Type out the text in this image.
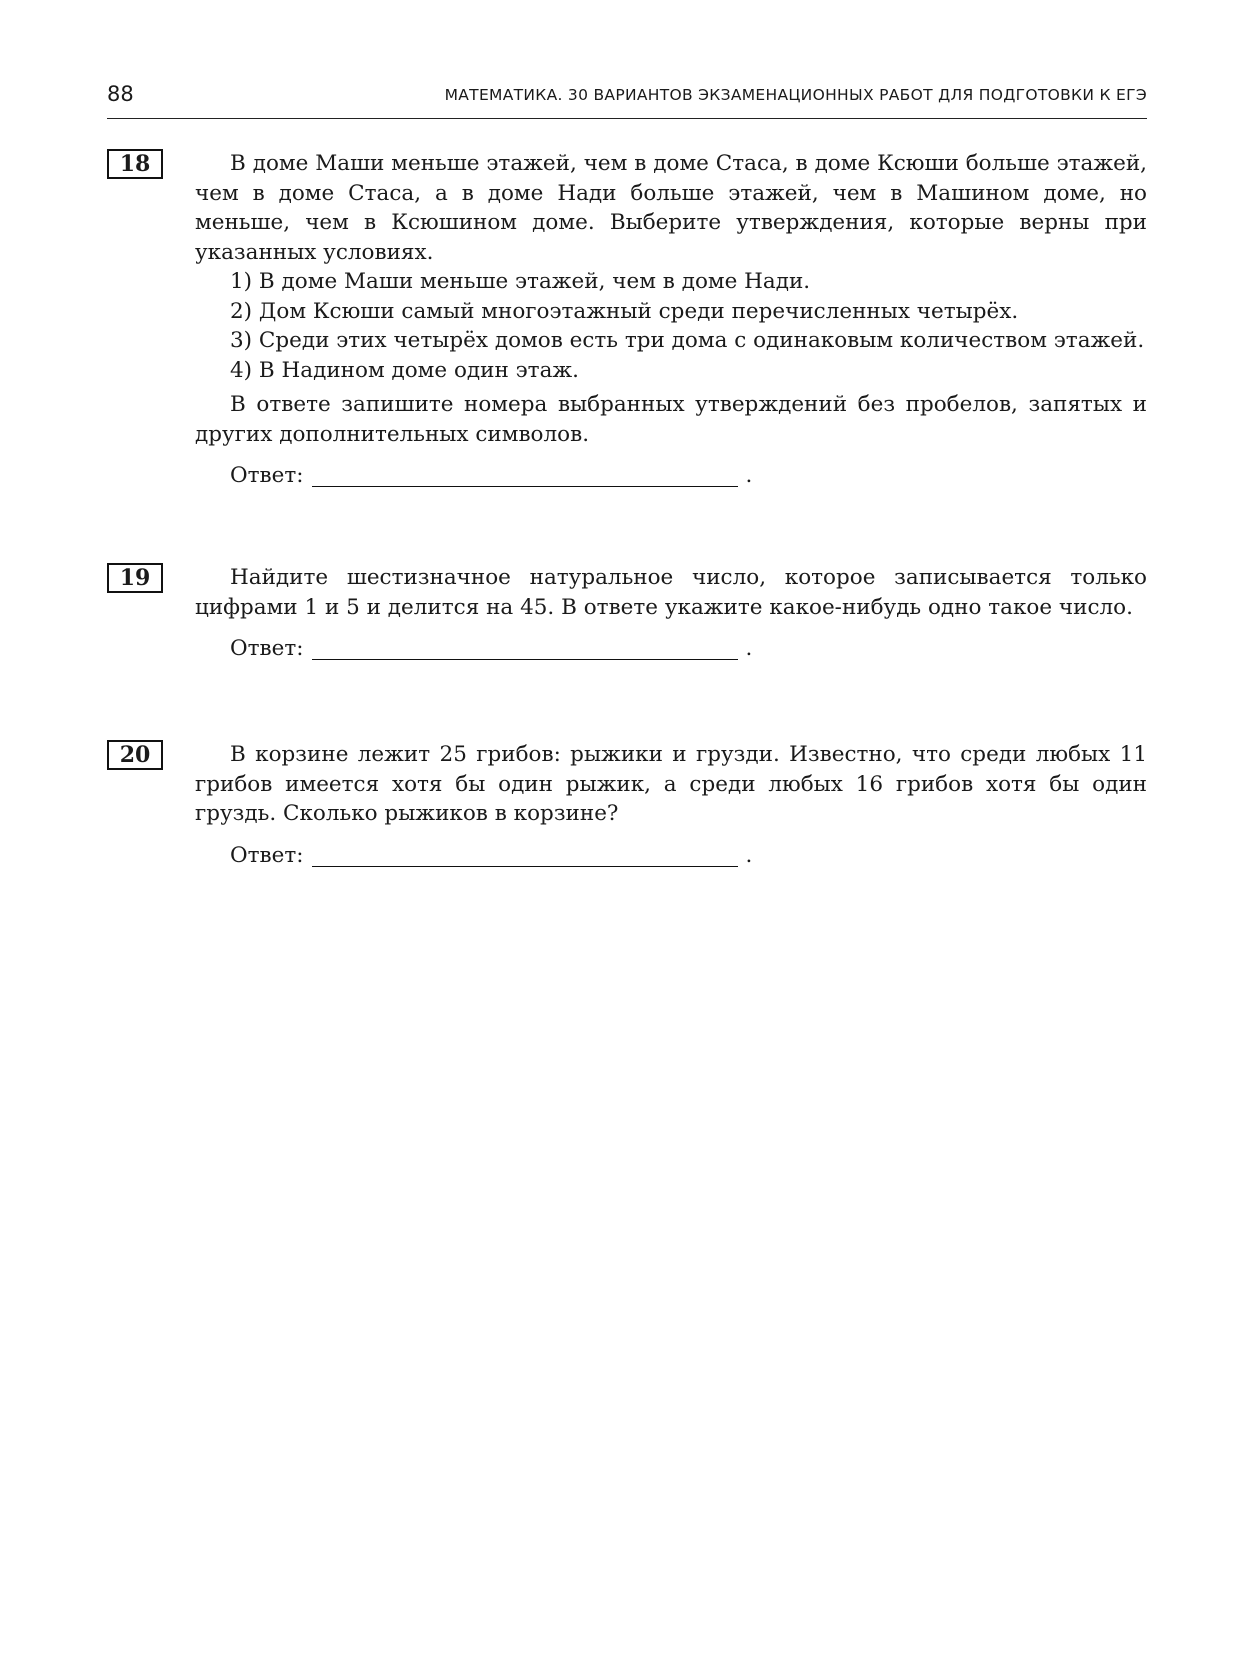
88	МАТЕМАТИКА. 30 ВАРИАНТОВ ЭКЗАМЕНАЦИОННЫХ РАБОТ ДЛЯ ПОДГОТОВКИ К ЕГЭ
18	В доме Маши меньше этажей, чем в доме Стаса, в доме Ксюши больше этажей, чем в доме Стаса, а в доме Нади больше этажей, чем в Машином доме, но меньше, чем в Ксюшином доме. Выберите утверждения, которые верны при указанных условиях.

1) В доме Маши меньше этажей, чем в доме Нади.

2) Дом Ксюши самый многоэтажный среди перечисленных четырёх.

3) Среди этих четырёх домов есть три дома с одинаковым количеством этажей.

4) В Надином доме один этаж.

В ответе запишите номера выбранных утверждений без пробелов, запятых и других дополнительных символов.

Ответ:	.
19	Найдите шестизначное натуральное число, которое записывается только цифрами 1 и 5 и делится на 45. В ответе укажите какое-нибудь одно такое число.

Ответ:	.
20	В корзине лежит 25 грибов: рыжики и грузди. Известно, что среди любых 11 грибов имеется хотя бы один рыжик, а среди любых 16 грибов хотя бы один груздь. Сколько рыжиков в корзине?

Ответ:	.
